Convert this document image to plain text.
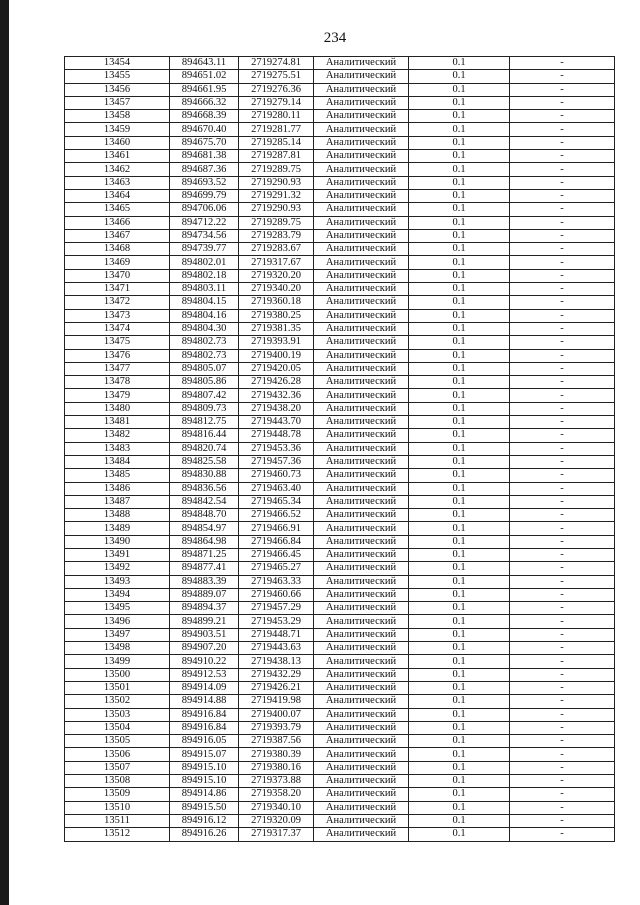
234
13454	894643.11	2719274.81	Аналитический	0.1	-
13455	894651.02	2719275.51	Аналитический	0.1	-
13456	894661.95	2719276.36	Аналитический	0.1	-
13457	894666.32	2719279.14	Аналитический	0.1	-
13458	894668.39	2719280.11	Аналитический	0.1	-
13459	894670.40	2719281.77	Аналитический	0.1	-
13460	894675.70	2719285.14	Аналитический	0.1	-
13461	894681.38	2719287.81	Аналитический	0.1	-
13462	894687.36	2719289.75	Аналитический	0.1	-
13463	894693.52	2719290.93	Аналитический	0.1	-
13464	894699.79	2719291.32	Аналитический	0.1	-
13465	894706.06	2719290.93	Аналитический	0.1	-
13466	894712.22	2719289.75	Аналитический	0.1	-
13467	894734.56	2719283.79	Аналитический	0.1	-
13468	894739.77	2719283.67	Аналитический	0.1	-
13469	894802.01	2719317.67	Аналитический	0.1	-
13470	894802.18	2719320.20	Аналитический	0.1	-
13471	894803.11	2719340.20	Аналитический	0.1	-
13472	894804.15	2719360.18	Аналитический	0.1	-
13473	894804.16	2719380.25	Аналитический	0.1	-
13474	894804.30	2719381.35	Аналитический	0.1	-
13475	894802.73	2719393.91	Аналитический	0.1	-
13476	894802.73	2719400.19	Аналитический	0.1	-
13477	894805.07	2719420.05	Аналитический	0.1	-
13478	894805.86	2719426.28	Аналитический	0.1	-
13479	894807.42	2719432.36	Аналитический	0.1	-
13480	894809.73	2719438.20	Аналитический	0.1	-
13481	894812.75	2719443.70	Аналитический	0.1	-
13482	894816.44	2719448.78	Аналитический	0.1	-
13483	894820.74	2719453.36	Аналитический	0.1	-
13484	894825.58	2719457.36	Аналитический	0.1	-
13485	894830.88	2719460.73	Аналитический	0.1	-
13486	894836.56	2719463.40	Аналитический	0.1	-
13487	894842.54	2719465.34	Аналитический	0.1	-
13488	894848.70	2719466.52	Аналитический	0.1	-
13489	894854.97	2719466.91	Аналитический	0.1	-
13490	894864.98	2719466.84	Аналитический	0.1	-
13491	894871.25	2719466.45	Аналитический	0.1	-
13492	894877.41	2719465.27	Аналитический	0.1	-
13493	894883.39	2719463.33	Аналитический	0.1	-
13494	894889.07	2719460.66	Аналитический	0.1	-
13495	894894.37	2719457.29	Аналитический	0.1	-
13496	894899.21	2719453.29	Аналитический	0.1	-
13497	894903.51	2719448.71	Аналитический	0.1	-
13498	894907.20	2719443.63	Аналитический	0.1	-
13499	894910.22	2719438.13	Аналитический	0.1	-
13500	894912.53	2719432.29	Аналитический	0.1	-
13501	894914.09	2719426.21	Аналитический	0.1	-
13502	894914.88	2719419.98	Аналитический	0.1	-
13503	894916.84	2719400.07	Аналитический	0.1	-
13504	894916.84	2719393.79	Аналитический	0.1	-
13505	894916.05	2719387.56	Аналитический	0.1	-
13506	894915.07	2719380.39	Аналитический	0.1	-
13507	894915.10	2719380.16	Аналитический	0.1	-
13508	894915.10	2719373.88	Аналитический	0.1	-
13509	894914.86	2719358.20	Аналитический	0.1	-
13510	894915.50	2719340.10	Аналитический	0.1	-
13511	894916.12	2719320.09	Аналитический	0.1	-
13512	894916.26	2719317.37	Аналитический	0.1	-
